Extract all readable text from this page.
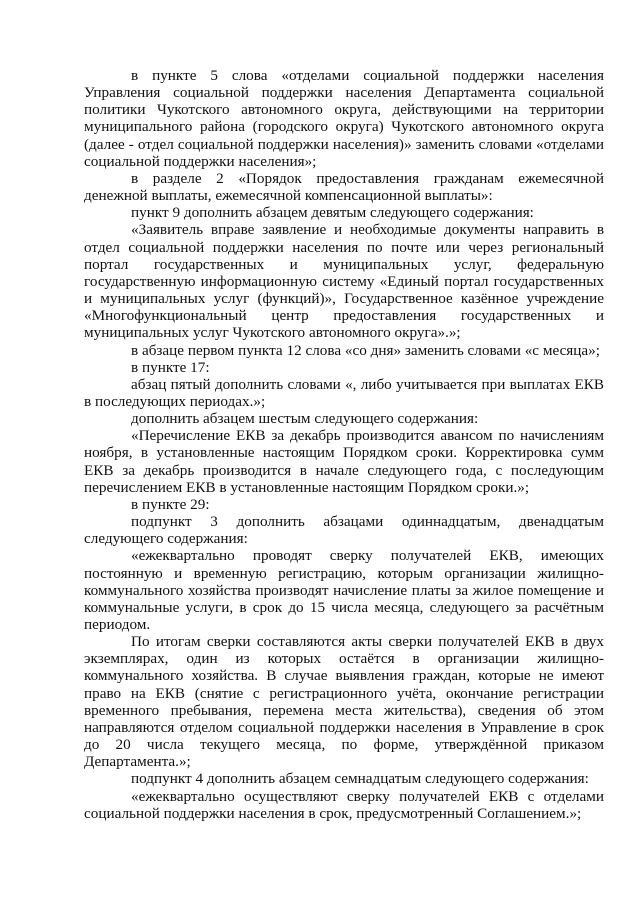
в пункте 5 слова «отделами социальной поддержки населения Управления социальной поддержки населения Департамента социальной политики Чукотского автономного округа, действующими на территории муниципального района (городского округа) Чукотского автономного округа (далее - отдел социальной поддержки населения)» заменить словами «отделами социальной поддержки населения»;

в разделе 2 «Порядок предоставления гражданам ежемесячной денежной выплаты, ежемесячной компенсационной выплаты»:

пункт 9 дополнить абзацем девятым следующего содержания:

«Заявитель вправе заявление и необходимые документы направить в отдел социальной поддержки населения по почте или через региональный портал государственных и муниципальных услуг, федеральную государственную информационную систему «Единый портал государственных и муниципальных услуг (функций)», Государственное казённое учреждение «Многофункциональный центр предоставления государственных и муниципальных услуг Чукотского автономного округа».»;

в абзаце первом пункта 12 слова «со дня» заменить словами «с месяца»;

в пункте 17:

абзац пятый дополнить словами «, либо учитывается при выплатах ЕКВ в последующих периодах.»;

дополнить абзацем шестым следующего содержания:

«Перечисление ЕКВ за декабрь производится авансом по начислениям ноября, в установленные настоящим Порядком сроки. Корректировка сумм ЕКВ за декабрь производится в начале следующего года, с последующим перечислением ЕКВ в установленные настоящим Порядком сроки.»;

в пункте 29:

подпункт 3 дополнить абзацами одиннадцатым, двенадцатым следующего содержания:

«ежеквартально проводят сверку получателей ЕКВ, имеющих постоянную и временную регистрацию, которым организации жилищно-коммунального хозяйства производят начисление платы за жилое помещение и коммунальные услуги, в срок до 15 числа месяца, следующего за расчётным периодом.

По итогам сверки составляются акты сверки получателей ЕКВ в двух экземплярах, один из которых остаётся в организации жилищно-коммунального хозяйства. В случае выявления граждан, которые не имеют право на ЕКВ (снятие с регистрационного учёта, окончание регистрации временного пребывания, перемена места жительства), сведения об этом направляются отделом социальной поддержки населения в Управление в срок до 20 числа текущего месяца, по форме, утверждённой приказом Департамента.»;

подпункт 4 дополнить абзацем семнадцатым следующего содержания:

«ежеквартально осуществляют сверку получателей ЕКВ с отделами социальной поддержки населения в срок, предусмотренный Соглашением.»;
